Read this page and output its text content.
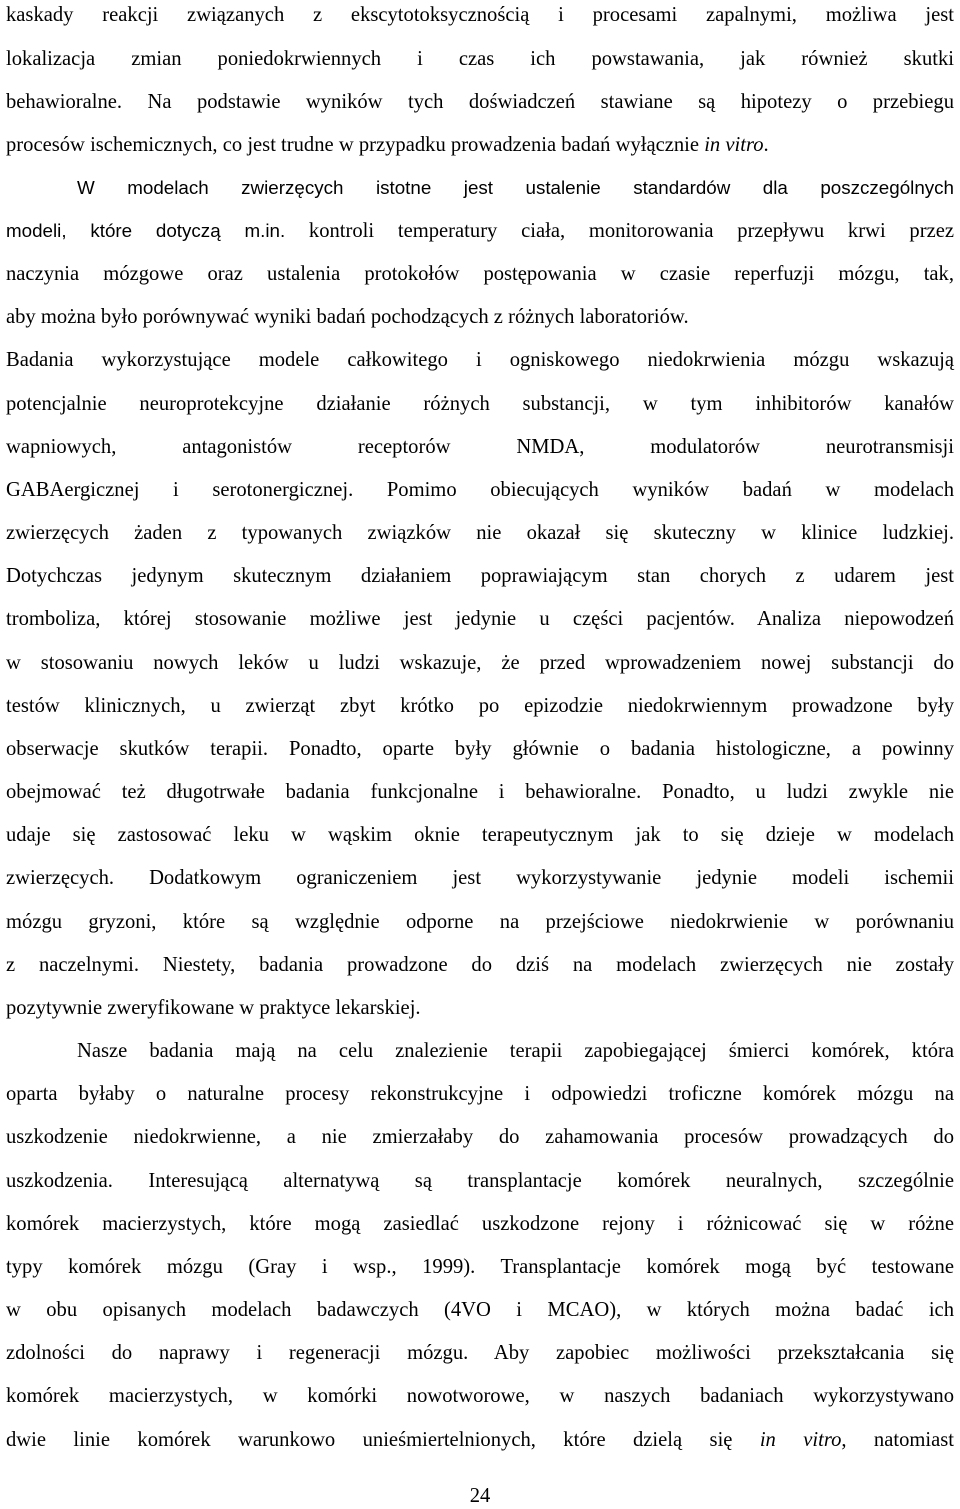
kaskady reakcji związanych z ekscytotoksycznością i procesami zapalnymi, możliwa jest
lokalizacja zmian poniedokrwiennych i czas ich powstawania, jak również skutki
behawioralne. Na podstawie wyników tych doświadczeń stawiane są hipotezy o przebiegu
procesów ischemicznych, co jest trudne w przypadku prowadzenia badań wyłącznie in vitro.
W modelach zwierzęcych istotne jest ustalenie standardów dla poszczególnych
modeli, które dotyczą m.in. kontroli temperatury ciała, monitorowania przepływu krwi przez
naczynia mózgowe oraz ustalenia protokołów postępowania w czasie reperfuzji mózgu, tak,
aby można było porównywać wyniki badań pochodzących z różnych laboratoriów.
Badania wykorzystujące modele całkowitego i ogniskowego niedokrwienia mózgu wskazują
potencjalnie neuroprotekcyjne działanie różnych substancji, w tym inhibitorów kanałów
wapniowych, antagonistów receptorów NMDA, modulatorów neurotransmisji
GABAergicznej i serotonergicznej. Pomimo obiecujących wyników badań w modelach
zwierzęcych żaden z typowanych związków nie okazał się skuteczny w klinice ludzkiej.
Dotychczas jedynym skutecznym działaniem poprawiającym stan chorych z udarem jest
tromboliza, której stosowanie możliwe jest jedynie u części pacjentów. Analiza niepowodzeń
w stosowaniu nowych leków u ludzi wskazuje, że przed wprowadzeniem nowej substancji do
testów klinicznych, u zwierząt zbyt krótko po epizodzie niedokrwiennym prowadzone były
obserwacje skutków terapii. Ponadto, oparte były głównie o badania histologiczne, a powinny
obejmować też długotrwałe badania funkcjonalne i behawioralne. Ponadto, u ludzi zwykle nie
udaje się zastosować leku w wąskim oknie terapeutycznym jak to się dzieje w modelach
zwierzęcych. Dodatkowym ograniczeniem jest wykorzystywanie jedynie modeli ischemii
mózgu gryzoni, które są względnie odporne na przejściowe niedokrwienie w porównaniu
z naczelnymi. Niestety, badania prowadzone do dziś na modelach zwierzęcych nie zostały
pozytywnie zweryfikowane w praktyce lekarskiej.
Nasze badania mają na celu znalezienie terapii zapobiegającej śmierci komórek, która
oparta byłaby o naturalne procesy rekonstrukcyjne i odpowiedzi troficzne komórek mózgu na
uszkodzenie niedokrwienne, a nie zmierzałaby do zahamowania procesów prowadzących do
uszkodzenia. Interesującą alternatywą są transplantacje komórek neuralnych, szczególnie
komórek macierzystych, które mogą zasiedlać uszkodzone rejony i różnicować się w różne
typy komórek mózgu (Gray i wsp., 1999). Transplantacje komórek mogą być testowane
w obu opisanych modelach badawczych (4VO i MCAO), w których można badać ich
zdolności do naprawy i regeneracji mózgu. Aby zapobiec możliwości przekształcania się
komórek macierzystych, w komórki nowotworowe, w naszych badaniach wykorzystywano
dwie linie komórek warunkowo unieśmiertelnionych, które dzielą się in vitro, natomiast
24
